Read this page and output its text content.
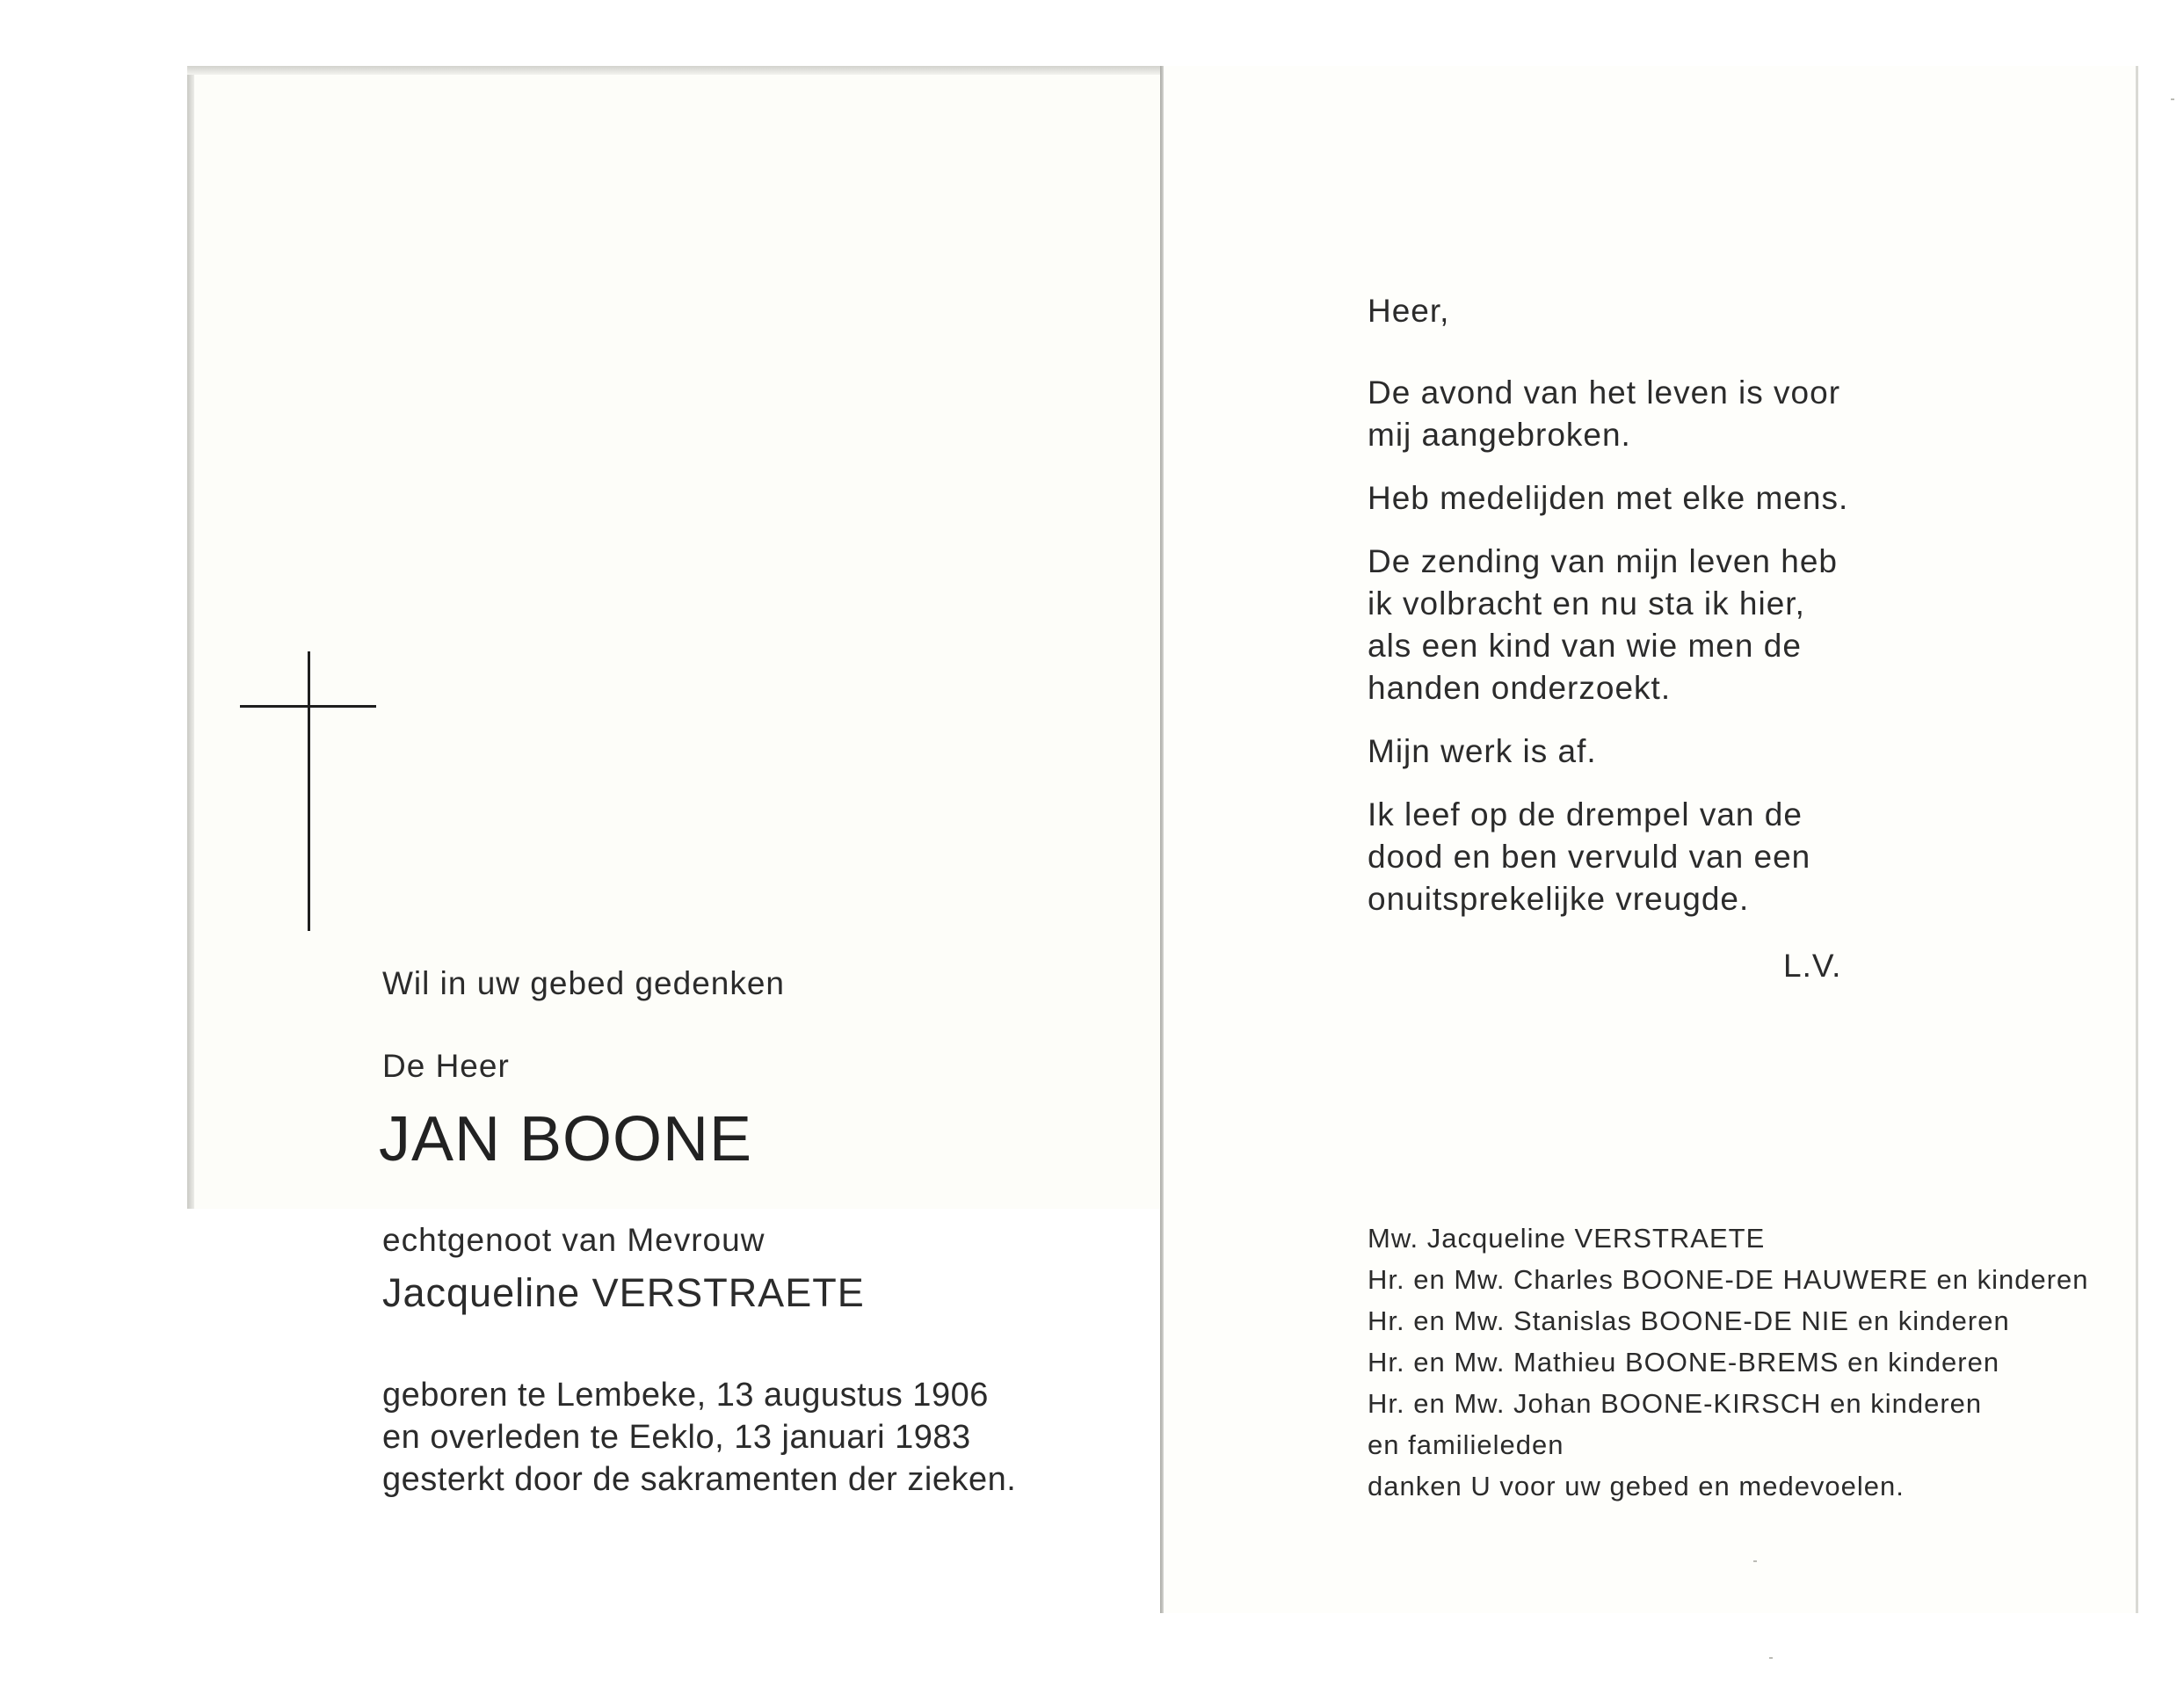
Wil in uw gebed gedenken

De Heer

JAN BOONE

echtgenoot van Mevrouw

Jacqueline VERSTRAETE

geboren te Lembeke, 13 augustus 1906
en overleden te Eeklo, 13 januari 1983
gesterkt door de sakramenten der zieken.

Heer,

De avond van het leven is voor
mij aangebroken.
Heb medelijden met elke mens.
De zending van mijn leven heb
ik volbracht en nu sta ik hier,
als een kind van wie men de
handen onderzoekt.
Mijn werk is af.
Ik leef op de drempel van de
dood en ben vervuld van een
onuitsprekelijke vreugde.

L.V.

Mw. Jacqueline VERSTRAETE
Hr. en Mw. Charles BOONE-DE HAUWERE en kinderen
Hr. en Mw. Stanislas BOONE-DE NIE en kinderen
Hr. en Mw. Mathieu BOONE-BREMS en kinderen
Hr. en Mw. Johan BOONE-KIRSCH en kinderen
en familieleden
danken U voor uw gebed en medevoelen.
